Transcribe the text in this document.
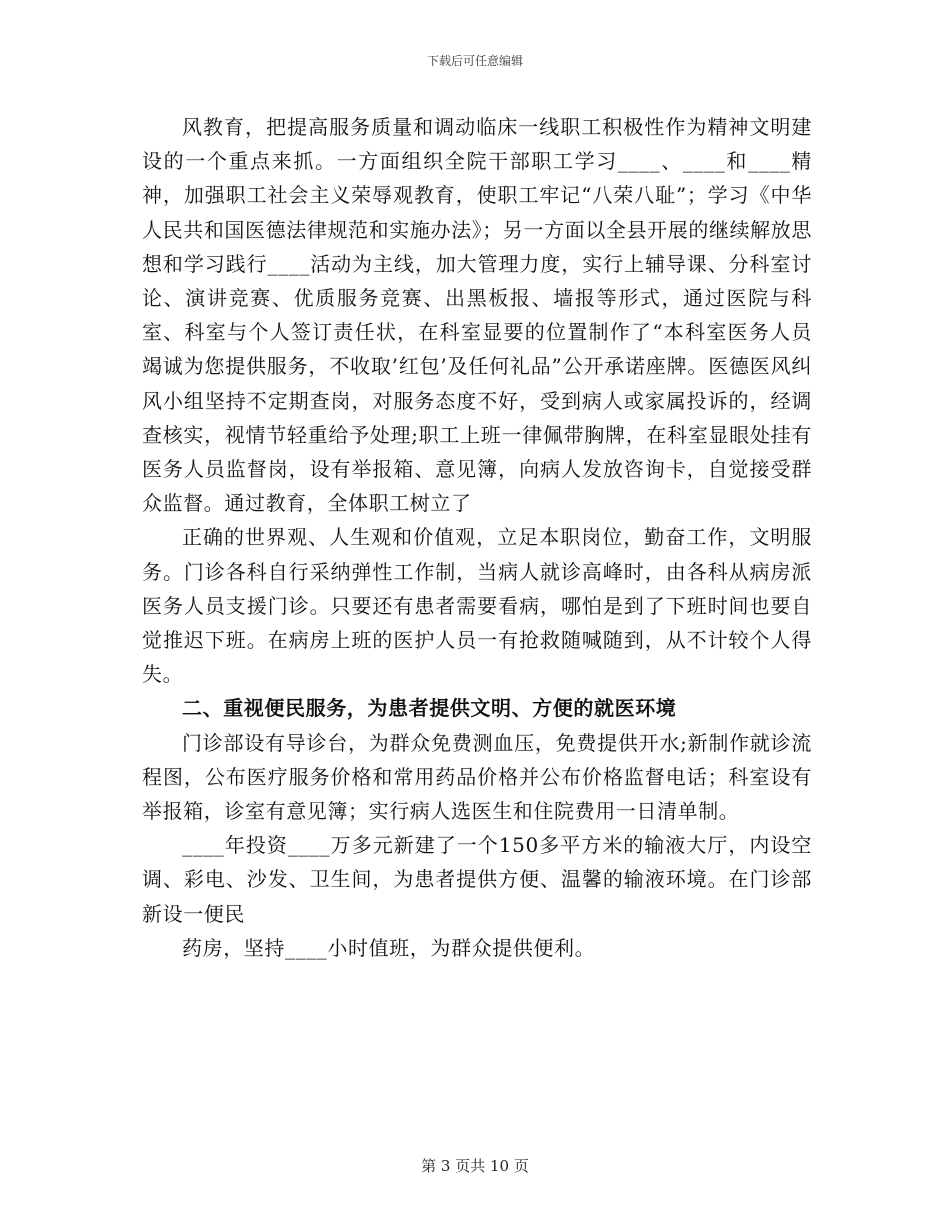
下载后可任意编辑

风教育，把提高服务质量和调动临床一线职工积极性作为精神文明建设的一个重点来抓。一方面组织全院干部职工学习____、____和____精神，加强职工社会主义荣辱观教育，使职工牢记“八荣八耻”；学习《中华人民共和国医德法律规范和实施办法》；另一方面以全县开展的继续解放思想和学习践行____活动为主线，加大管理力度，实行上辅导课、分科室讨论、演讲竞赛、优质服务竞赛、出黑板报、墙报等形式，通过医院与科室、科室与个人签订责任状，在科室显要的位置制作了“本科室医务人员竭诚为您提供服务，不收取’红包’及任何礼品”公开承诺座牌。医德医风纠风小组坚持不定期查岗，对服务态度不好，受到病人或家属投诉的，经调查核实，视情节轻重给予处理;职工上班一律佩带胸牌，在科室显眼处挂有医务人员监督岗，设有举报箱、意见簿，向病人发放咨询卡，自觉接受群众监督。通过教育，全体职工树立了

正确的世界观、人生观和价值观，立足本职岗位，勤奋工作，文明服务。门诊各科自行采纳弹性工作制，当病人就诊高峰时，由各科从病房派医务人员支援门诊。只要还有患者需要看病，哪怕是到了下班时间也要自觉推迟下班。在病房上班的医护人员一有抢救随喊随到，从不计较个人得失。

二、重视便民服务，为患者提供文明、方便的就医环境

门诊部设有导诊台，为群众免费测血压，免费提供开水;新制作就诊流程图，公布医疗服务价格和常用药品价格并公布价格监督电话；科室设有举报箱，诊室有意见簿；实行病人选医生和住院费用一日清单制。

____年投资____万多元新建了一个150多平方米的输液大厅，内设空调、彩电、沙发、卫生间，为患者提供方便、温馨的输液环境。在门诊部新设一便民

药房，坚持____小时值班，为群众提供便利。

第 3 页共 10 页
